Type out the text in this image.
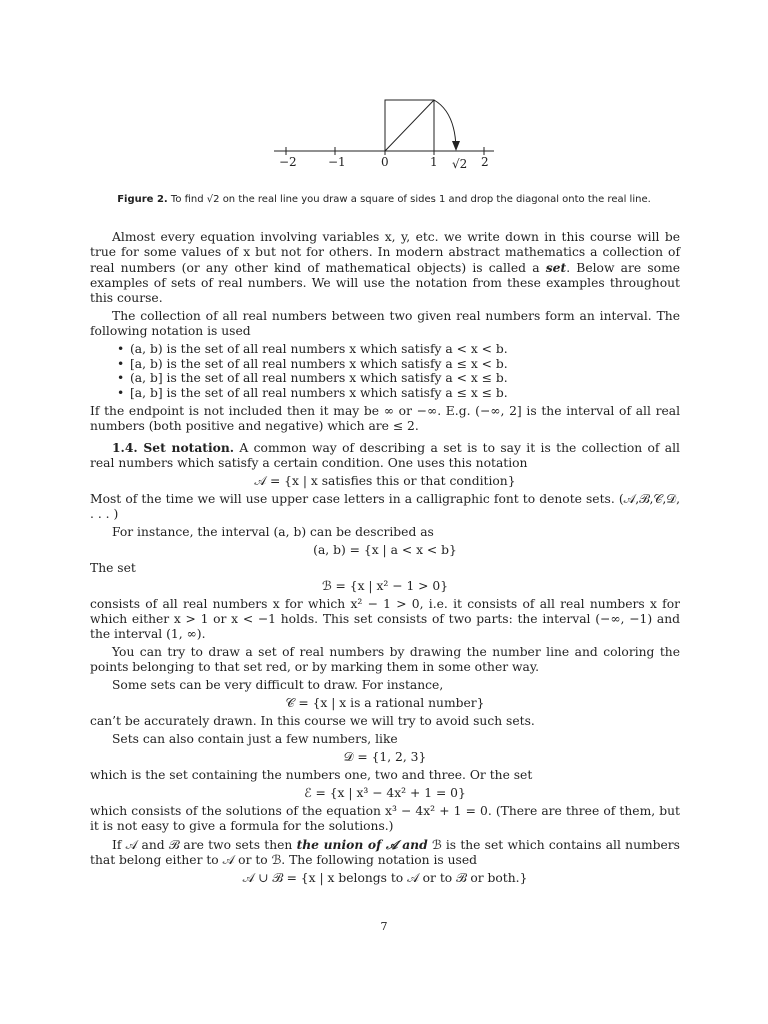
−2	−1	0	1 √2 2
Figure 2. To find √2 on the real line you draw a square of sides 1 and drop the diagonal onto the real line.

Almost every equation involving variables x, y, etc. we write down in this course will be true for some values of x but not for others. In modern abstract mathematics a collection of real numbers (or any other kind of mathematical objects) is called a set. Below are some examples of sets of real numbers. We will use the notation from these examples throughout this course.

The collection of all real numbers between two given real numbers form an interval. The following notation is used

• (a, b) is the set of all real numbers x which satisfy a < x < b.
• [a, b) is the set of all real numbers x which satisfy a ≤ x < b.
• (a, b] is the set of all real numbers x which satisfy a < x ≤ b.
• [a, b] is the set of all real numbers x which satisfy a ≤ x ≤ b.

If the endpoint is not included then it may be ∞ or −∞. E.g. (−∞, 2] is the interval of all real numbers (both positive and negative) which are ≤ 2.

1.4. Set notation. A common way of describing a set is to say it is the collection of all real numbers which satisfy a certain condition. One uses this notation

𝒜 = {x | x satisfies this or that condition}

Most of the time we will use upper case letters in a calligraphic font to denote sets. (𝒜,ℬ,𝒞,𝒟, . . . )

For instance, the interval (a, b) can be described as

(a, b) = {x | a < x < b}

The set

ℬ = {x | x² − 1 > 0}

consists of all real numbers x for which x² − 1 > 0, i.e. it consists of all real numbers x for which either x > 1 or x < −1 holds. This set consists of two parts: the interval (−∞, −1) and the interval (1, ∞).

You can try to draw a set of real numbers by drawing the number line and coloring the points belonging to that set red, or by marking them in some other way.

Some sets can be very difficult to draw. For instance,

𝒞 = {x | x is a rational number}

can’t be accurately drawn. In this course we will try to avoid such sets.

Sets can also contain just a few numbers, like

𝒟 = {1, 2, 3}

which is the set containing the numbers one, two and three. Or the set

ℰ = {x | x³ − 4x² + 1 = 0}

which consists of the solutions of the equation x³ − 4x² + 1 = 0. (There are three of them, but it is not easy to give a formula for the solutions.)

If 𝒜 and ℬ are two sets then the union of 𝒜 and ℬ is the set which contains all numbers that belong either to 𝒜 or to ℬ. The following notation is used

𝒜 ∪ ℬ = {x | x belongs to 𝒜 or to ℬ or both.}
7
